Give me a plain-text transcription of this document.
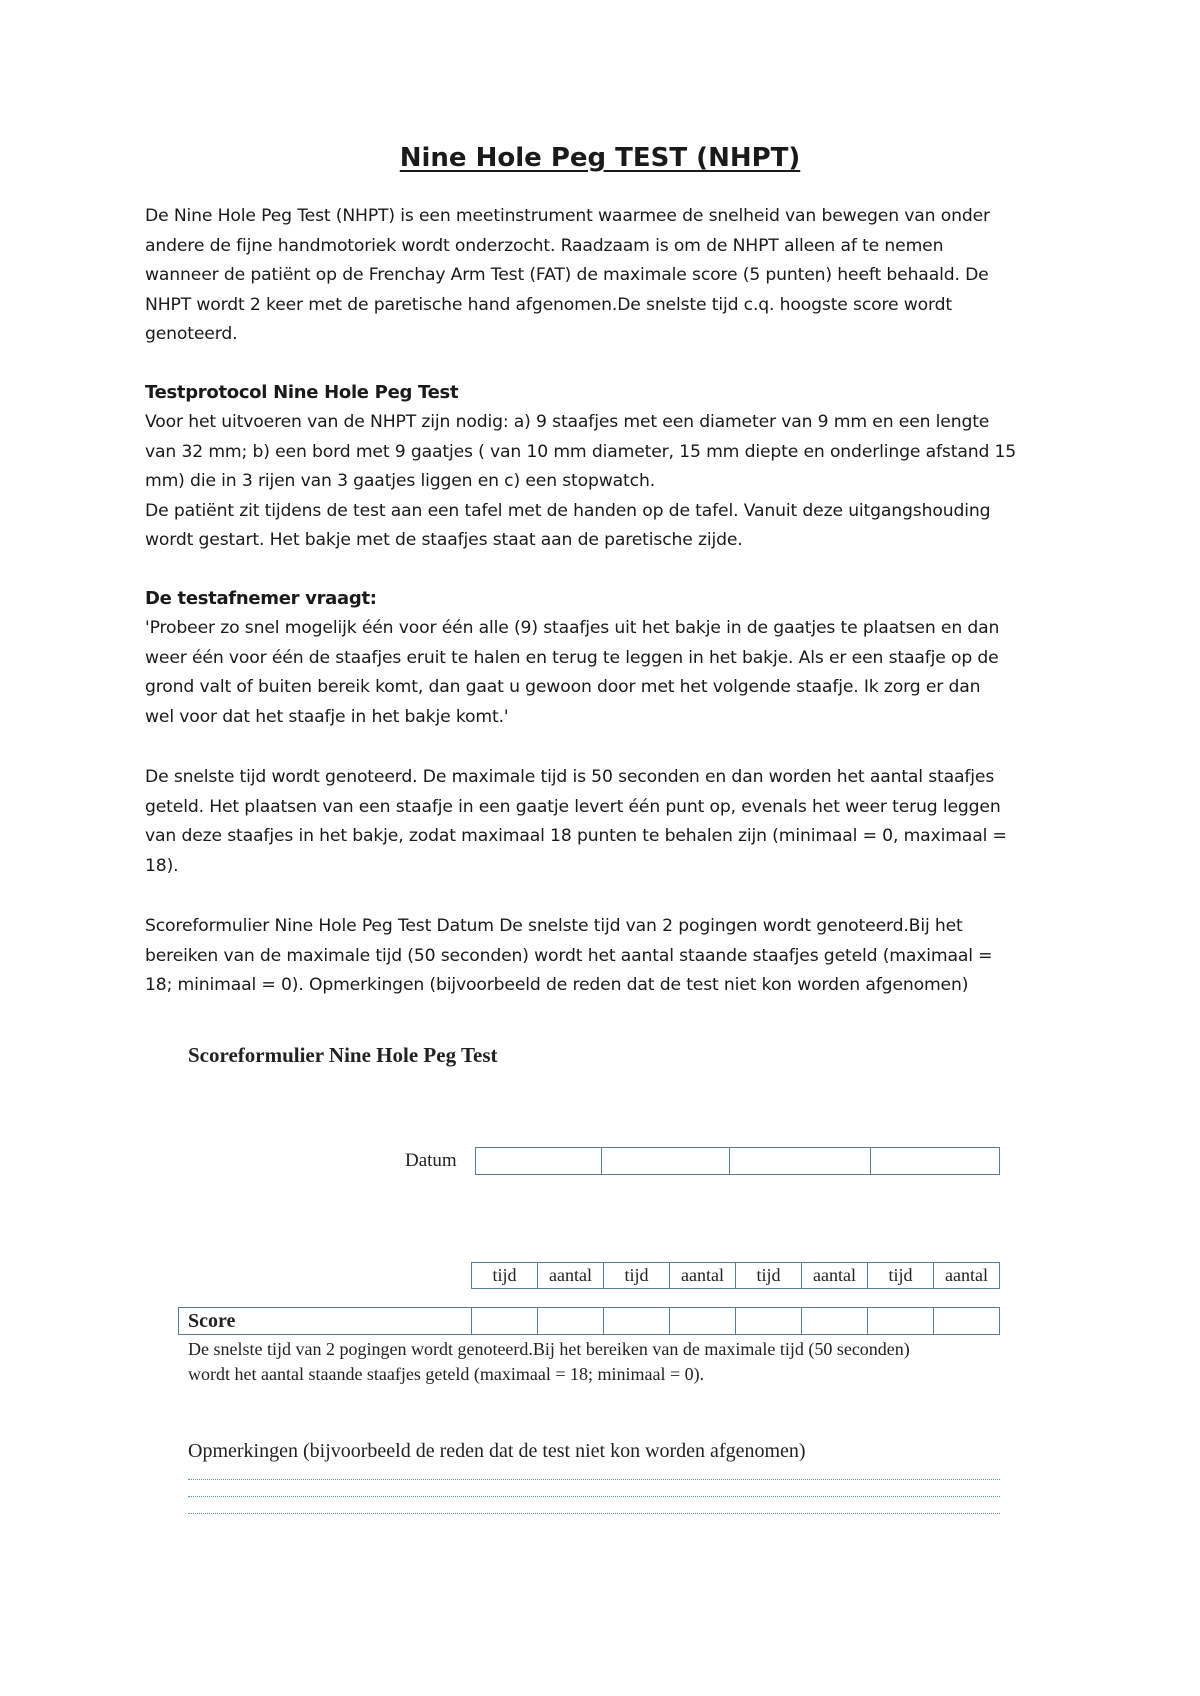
Nine Hole Peg TEST (NHPT)
De Nine Hole Peg Test (NHPT) is een meetinstrument waarmee de snelheid van bewegen van onder
andere de fijne handmotoriek wordt onderzocht. Raadzaam is om de NHPT alleen af te nemen
wanneer de patiënt op de Frenchay Arm Test (FAT) de maximale score (5 punten) heeft behaald. De
NHPT wordt 2 keer met de paretische hand afgenomen.De snelste tijd c.q. hoogste score wordt
genoteerd.
Testprotocol Nine Hole Peg Test
Voor het uitvoeren van de NHPT zijn nodig: a) 9 staafjes met een diameter van 9 mm en een lengte
van 32 mm; b) een bord met 9 gaatjes ( van 10 mm diameter, 15 mm diepte en onderlinge afstand 15
mm) die in 3 rijen van 3 gaatjes liggen en c) een stopwatch.
De patiënt zit tijdens de test aan een tafel met de handen op de tafel. Vanuit deze uitgangshouding
wordt gestart. Het bakje met de staafjes staat aan de paretische zijde.
De testafnemer vraagt:
'Probeer zo snel mogelijk één voor één alle (9) staafjes uit het bakje in de gaatjes te plaatsen en dan
weer één voor één de staafjes eruit te halen en terug te leggen in het bakje. Als er een staafje op de
grond valt of buiten bereik komt, dan gaat u gewoon door met het volgende staafje. Ik zorg er dan
wel voor dat het staafje in het bakje komt.'
De snelste tijd wordt genoteerd. De maximale tijd is 50 seconden en dan worden het aantal staafjes
geteld. Het plaatsen van een staafje in een gaatje levert één punt op, evenals het weer terug leggen
van deze staafjes in het bakje, zodat maximaal 18 punten te behalen zijn (minimaal = 0, maximaal =
18).
Scoreformulier Nine Hole Peg Test Datum De snelste tijd van 2 pogingen wordt genoteerd.Bij het
bereiken van de maximale tijd (50 seconden) wordt het aantal staande staafjes geteld (maximaal =
18; minimaal = 0). Opmerkingen (bijvoorbeeld de reden dat de test niet kon worden afgenomen)
Scoreformulier Nine Hole Peg Test
Datum
tijd	aantal	tijd	aantal	tijd	aantal	tijd	aantal
Score
De snelste tijd van 2 pogingen wordt genoteerd.Bij het bereiken van de maximale tijd (50 seconden)
wordt het aantal staande staafjes geteld (maximaal = 18; minimaal = 0).
Opmerkingen (bijvoorbeeld de reden dat de test niet kon worden afgenomen)
